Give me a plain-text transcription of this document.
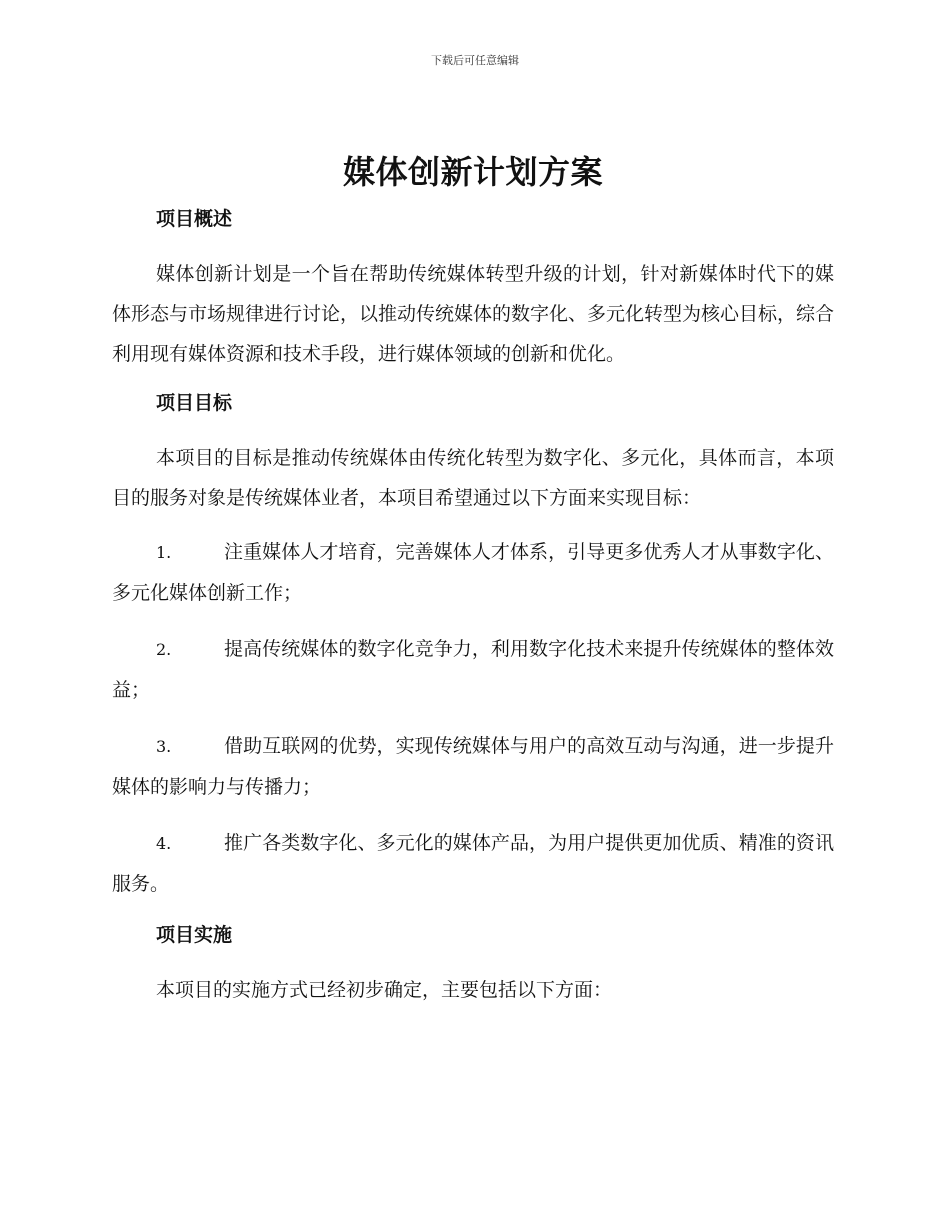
下载后可任意编辑
媒体创新计划方案
项目概述

媒体创新计划是一个旨在帮助传统媒体转型升级的计划，针对新媒体时代下的媒体形态与市场规律进行讨论，以推动传统媒体的数字化、多元化转型为核心目标，综合利用现有媒体资源和技术手段，进行媒体领域的创新和优化。

项目目标

本项目的目标是推动传统媒体由传统化转型为数字化、多元化，具体而言，本项目的服务对象是传统媒体业者，本项目希望通过以下方面来实现目标：

1.	注重媒体人才培育，完善媒体人才体系，引导更多优秀人才从事数字化、多元化媒体创新工作；

2.	提高传统媒体的数字化竞争力，利用数字化技术来提升传统媒体的整体效益；

3.	借助互联网的优势，实现传统媒体与用户的高效互动与沟通，进一步提升媒体的影响力与传播力；

4.	推广各类数字化、多元化的媒体产品，为用户提供更加优质、精准的资讯服务。

项目实施

本项目的实施方式已经初步确定，主要包括以下方面：
